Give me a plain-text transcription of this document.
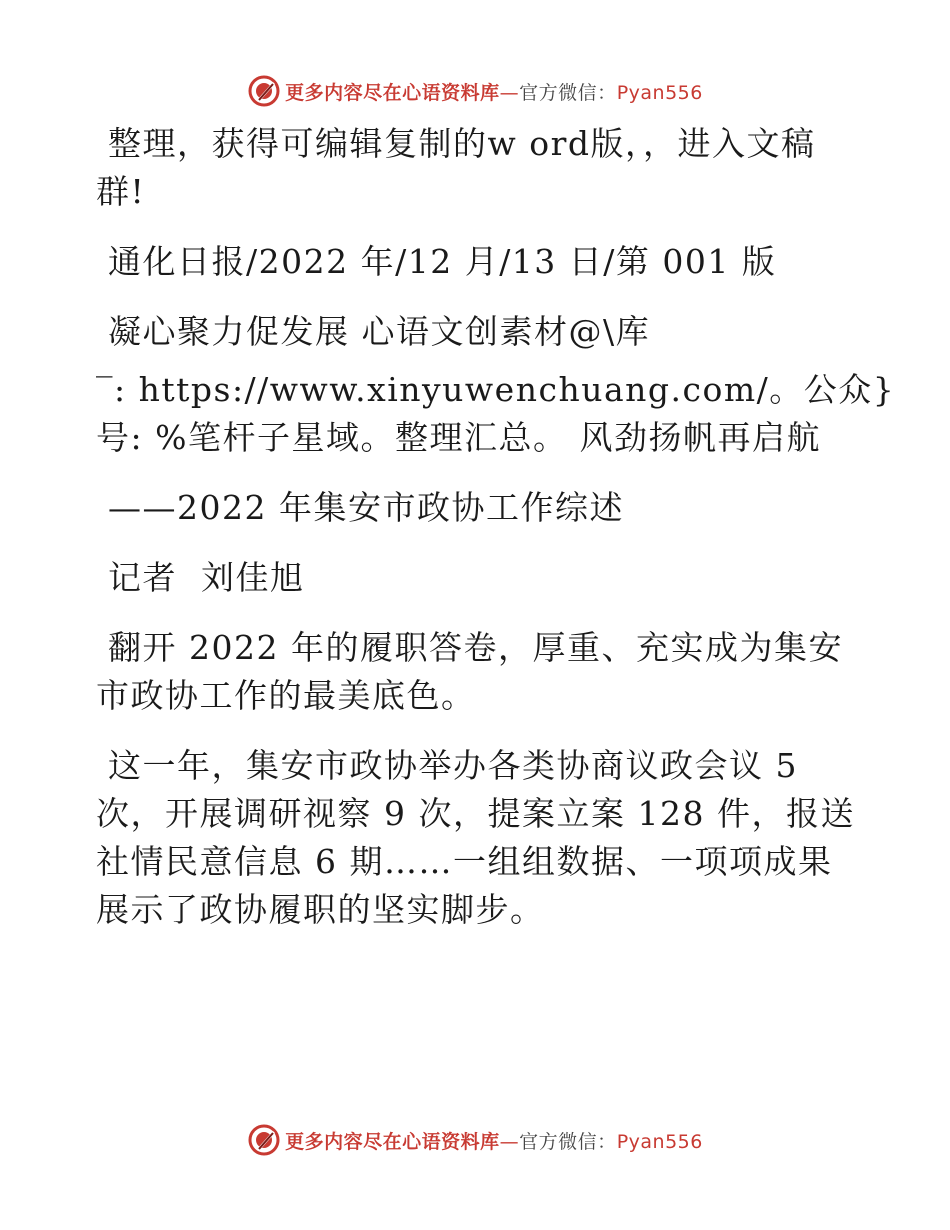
更多内容尽在心语资料库—官方微信：Pyan556

整理，获得可编辑复制的w ord版，，进入文稿
群!

通化日报/2022 年/12 月/13 日/第 001 版

凝心聚力促发展 心语文创素材@\库

‾: https://www.xinyuwenchuang.com/。公众}
号: %笔杆子星域。整理汇总。 风劲扬帆再启航

——2022 年集安市政协工作综述

记者  刘佳旭

翻开 2022 年的履职答卷，厚重、充实成为集安
市政协工作的最美底色。

这一年，集安市政协举办各类协商议政会议 5
次，开展调研视察 9 次，提案立案 128 件，报送
社情民意信息 6 期……一组组数据、一项项成果
展示了政协履职的坚实脚步。

更多内容尽在心语资料库—官方微信：Pyan556
